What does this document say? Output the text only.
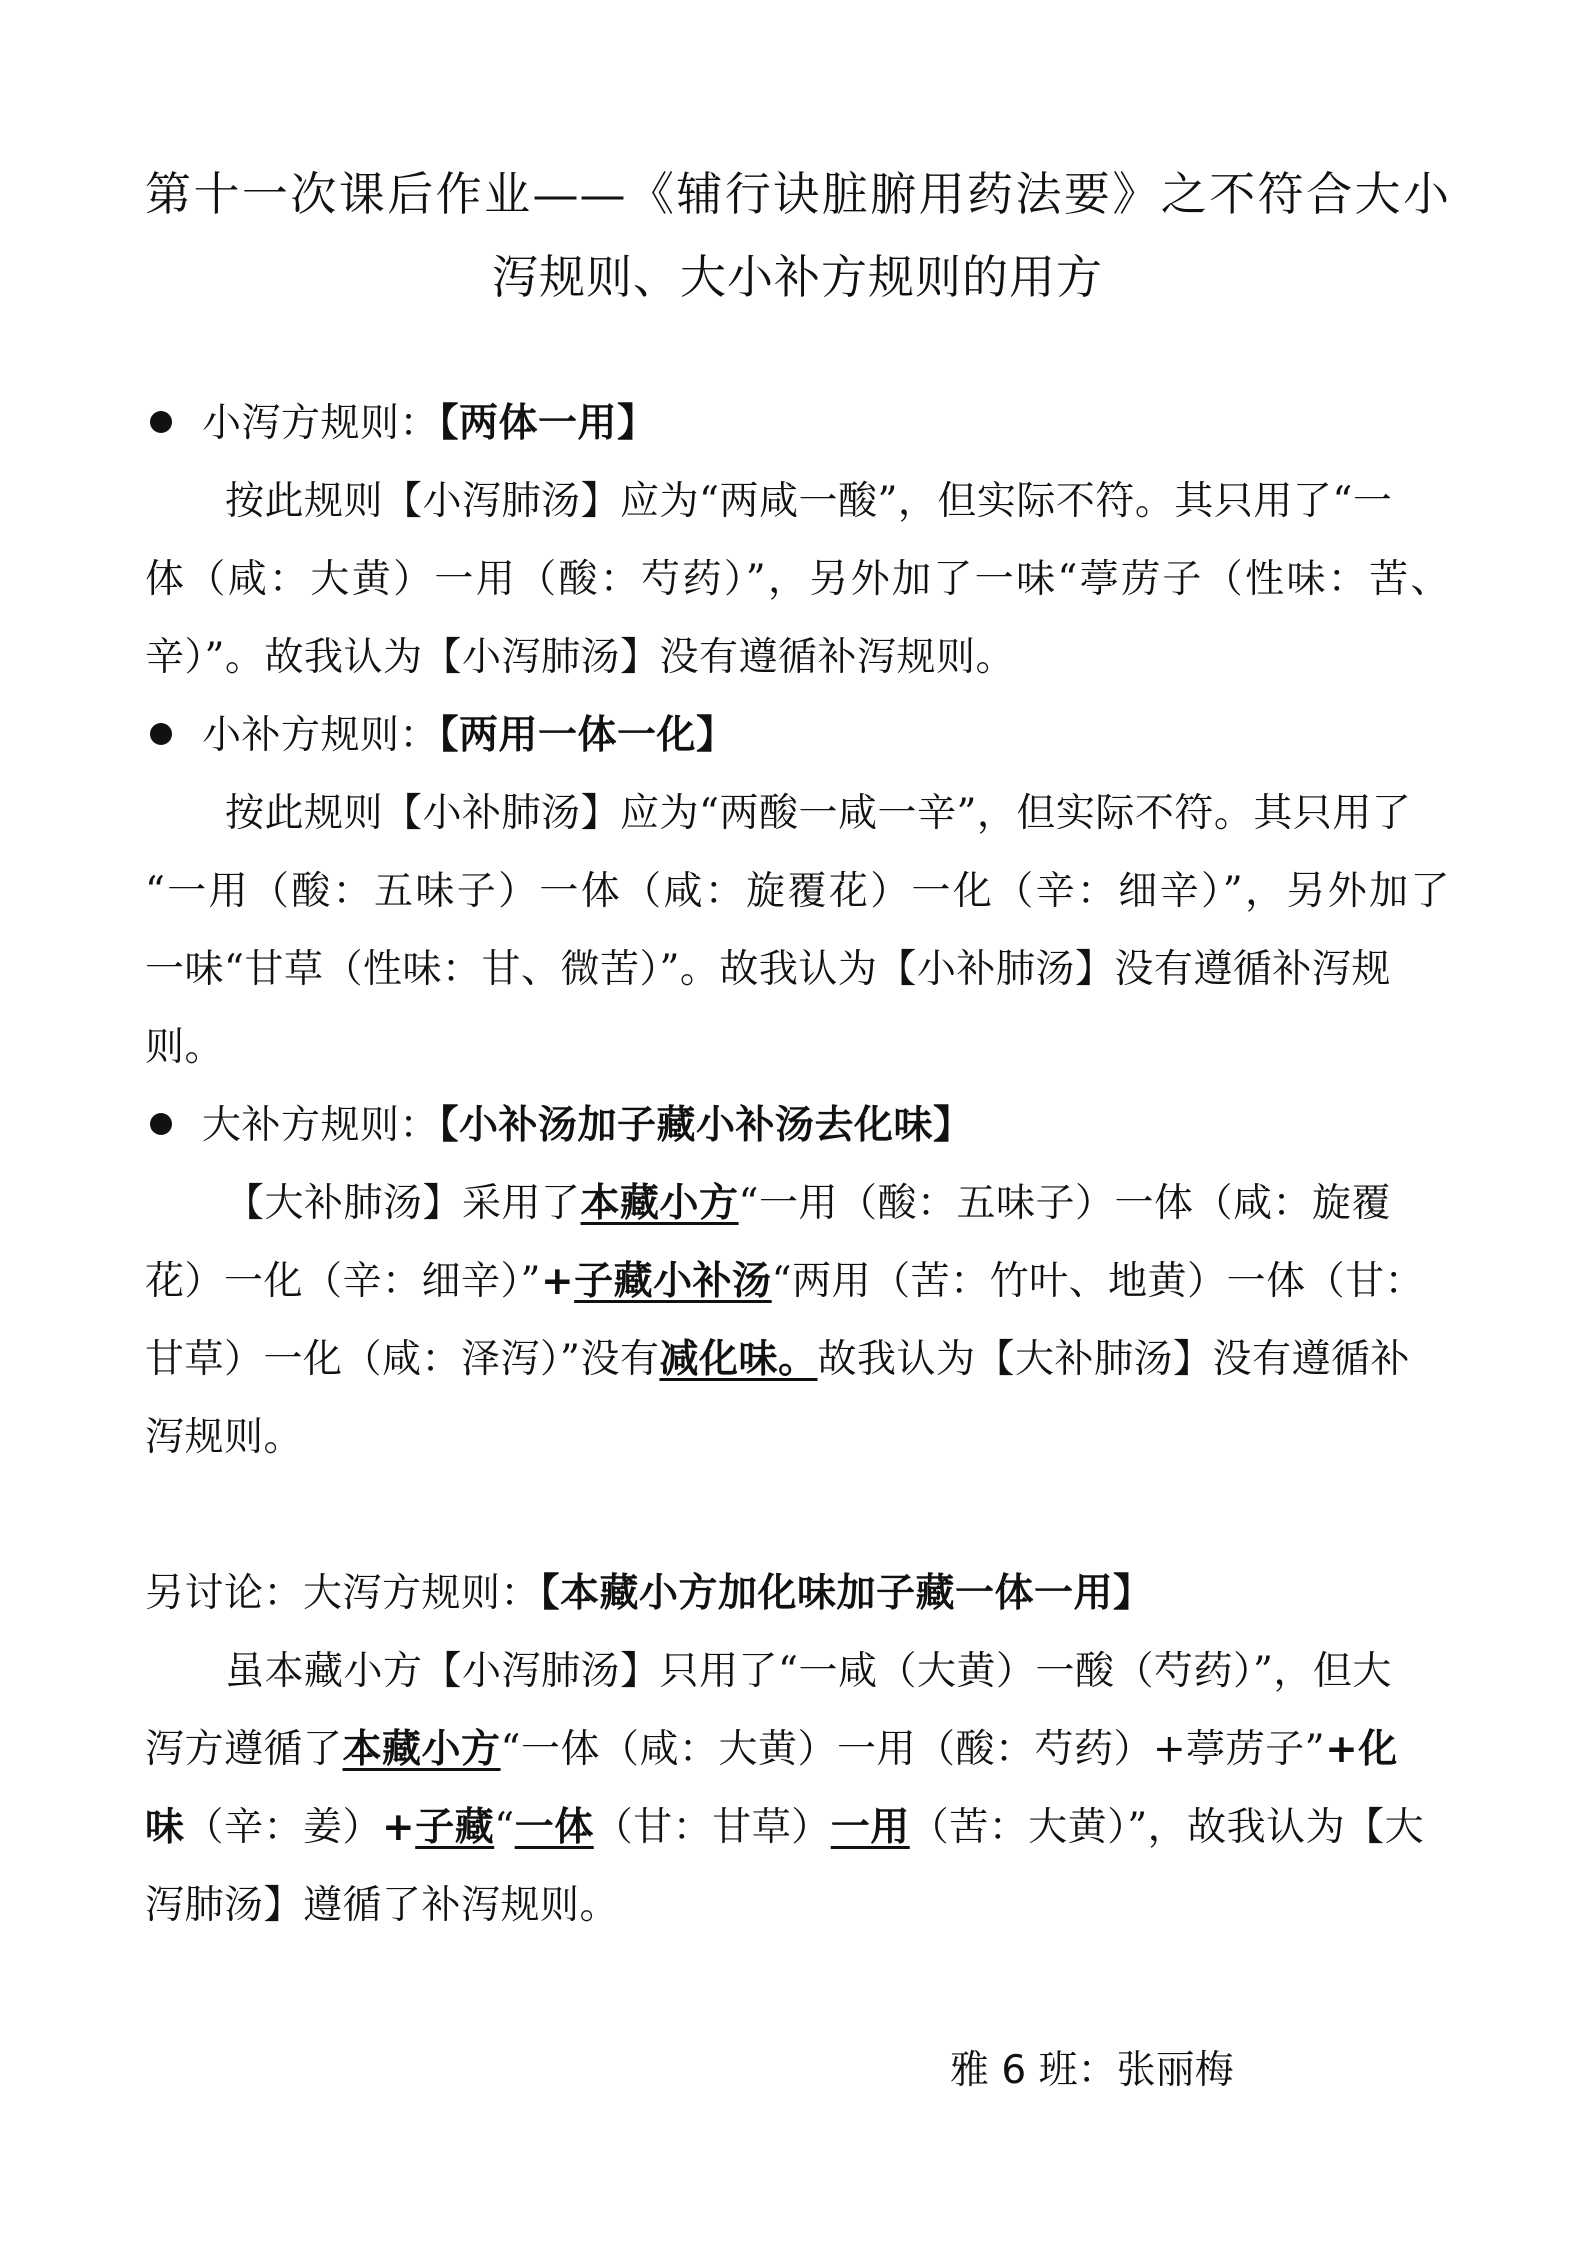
第十一次课后作业——《辅行诀脏腑用药法要》之不符合大小
泻规则、大小补方规则的用方
小泻方规则：【两体一用】
按此规则【小泻肺汤】应为“两咸一酸”，但实际不符。其只用了“一
体（咸：大黄）一用（酸：芍药）”，另外加了一味“葶苈子（性味：苦、
辛）”。故我认为【小泻肺汤】没有遵循补泻规则。
小补方规则：【两用一体一化】
按此规则【小补肺汤】应为“两酸一咸一辛”，但实际不符。其只用了
“一用（酸：五味子）一体（咸：旋覆花）一化（辛：细辛）”，另外加了
一味“甘草（性味：甘、微苦）”。故我认为【小补肺汤】没有遵循补泻规
则。
大补方规则：【小补汤加子藏小补汤去化味】
【大补肺汤】采用了本藏小方“一用（酸：五味子）一体（咸：旋覆
花）一化（辛：细辛）”+子藏小补汤“两用（苦：竹叶、地黄）一体（甘：
甘草）一化（咸：泽泻）”没有减化味。故我认为【大补肺汤】没有遵循补
泻规则。
另讨论：大泻方规则：【本藏小方加化味加子藏一体一用】
虽本藏小方【小泻肺汤】只用了“一咸（大黄）一酸（芍药）”，但大
泻方遵循了本藏小方“一体（咸：大黄）一用（酸：芍药）+葶苈子”+化
味（辛：姜）+子藏“一体（甘：甘草）一用（苦：大黄）”，故我认为【大
泻肺汤】遵循了补泻规则。
雅 6 班：张丽梅
